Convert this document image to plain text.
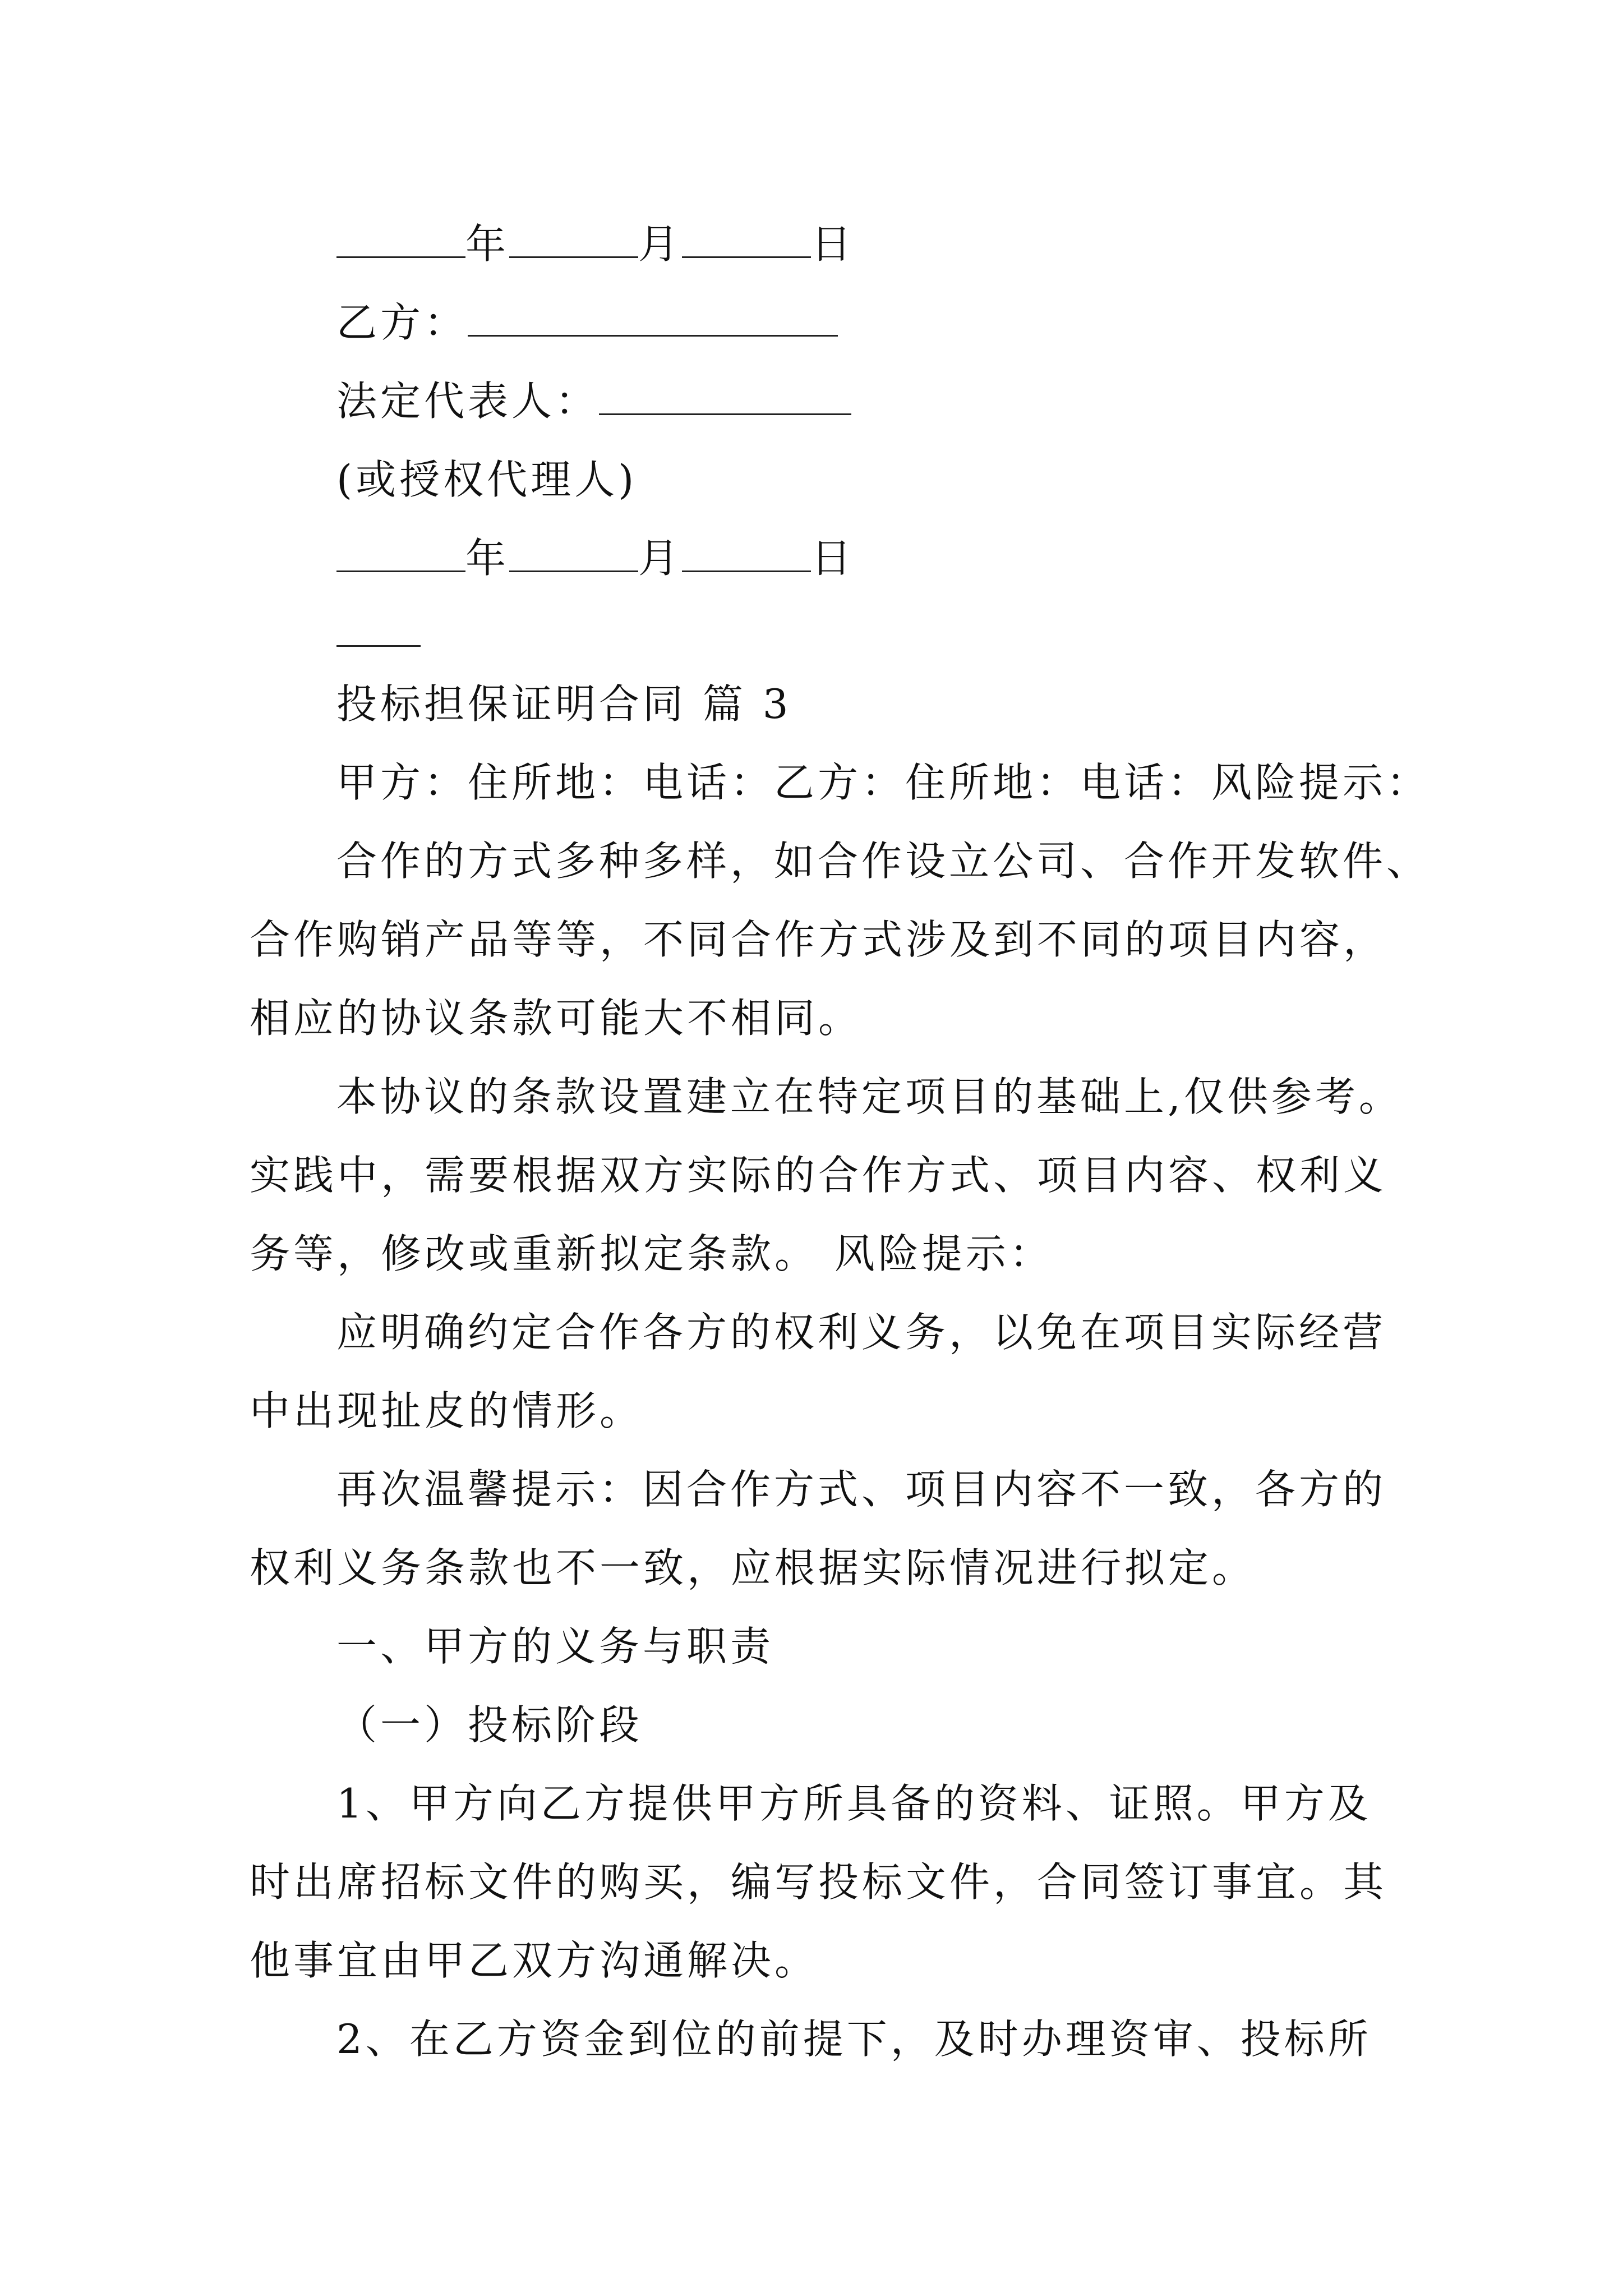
年	月	日
乙方：
法定代表人：
(或授权代理人)
年	月	日
投标担保证明合同 篇 3
甲方：住所地：电话：乙方：住所地：电话：风险提示：
合作的方式多种多样，如合作设立公司、合作开发软件、
合作购销产品等等，不同合作方式涉及到不同的项目内容，
相应的协议条款可能大不相同。
本协议的条款设置建立在特定项目的基础上,仅供参考。
实践中，需要根据双方实际的合作方式、项目内容、权利义
务等，修改或重新拟定条款。 风险提示：
应明确约定合作各方的权利义务，以免在项目实际经营
中出现扯皮的情形。
再次温馨提示：因合作方式、项目内容不一致，各方的
权利义务条款也不一致，应根据实际情况进行拟定。
一、甲方的义务与职责
（一）投标阶段
1、甲方向乙方提供甲方所具备的资料、证照。甲方及
时出席招标文件的购买，编写投标文件，合同签订事宜。其
他事宜由甲乙双方沟通解决。
2、在乙方资金到位的前提下，及时办理资审、投标所
